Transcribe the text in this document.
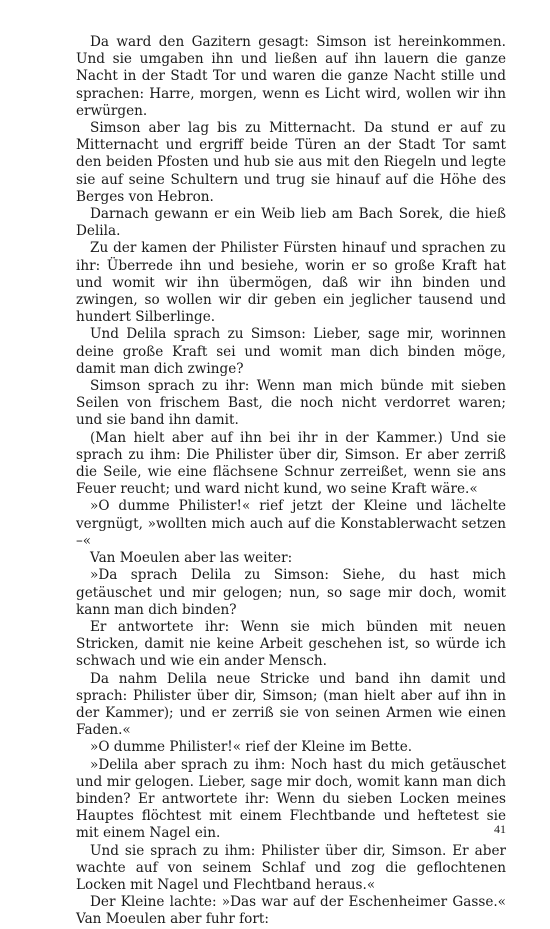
Da ward den Gazitern gesagt: Simson ist hereinkommen. Und sie umgaben ihn und ließen auf ihn lauern die ganze Nacht in der Stadt Tor und waren die ganze Nacht stille und sprachen: Harre, morgen, wenn es Licht wird, wollen wir ihn erwürgen.

Simson aber lag bis zu Mitternacht. Da stund er auf zu Mitternacht und ergriff beide Türen an der Stadt Tor samt den beiden Pfosten und hub sie aus mit den Riegeln und legte sie auf seine Schultern und trug sie hinauf auf die Höhe des Berges von Hebron.

Darnach gewann er ein Weib lieb am Bach Sorek, die hieß Delila.

Zu der kamen der Philister Fürsten hinauf und sprachen zu ihr: Überrede ihn und besiehe, worin er so große Kraft hat und womit wir ihn übermögen, daß wir ihn binden und zwingen, so wollen wir dir geben ein jeglicher tausend und hundert Silberlinge.

Und Delila sprach zu Simson: Lieber, sage mir, worinnen deine große Kraft sei und womit man dich binden möge, damit man dich zwinge?

Simson sprach zu ihr: Wenn man mich bünde mit sieben Seilen von frischem Bast, die noch nicht verdorret waren; und sie band ihn damit.

(Man hielt aber auf ihn bei ihr in der Kammer.) Und sie sprach zu ihm: Die Philister über dir, Simson. Er aber zerriß die Seile, wie eine flächsene Schnur zerreißet, wenn sie ans Feuer reucht; und ward nicht kund, wo seine Kraft wäre.«

»O dumme Philister!« rief jetzt der Kleine und lächelte vergnügt, »wollten mich auch auf die Konstablerwacht setzen –«

Van Moeulen aber las weiter:

»Da sprach Delila zu Simson: Siehe, du hast mich getäuschet und mir gelogen; nun, so sage mir doch, womit kann man dich binden?

Er antwortete ihr: Wenn sie mich bünden mit neuen Stricken, damit nie keine Arbeit geschehen ist, so würde ich schwach und wie ein ander Mensch.

Da nahm Delila neue Stricke und band ihn damit und sprach: Philister über dir, Simson; (man hielt aber auf ihn in der Kammer); und er zerriß sie von seinen Armen wie einen Faden.«

»O dumme Philister!« rief der Kleine im Bette.

»Delila aber sprach zu ihm: Noch hast du mich getäuschet und mir gelogen. Lieber, sage mir doch, womit kann man dich binden? Er antwortete ihr: Wenn du sieben Locken meines Hauptes flöchtest mit einem Flechtbande und heftetest sie mit einem Nagel ein.

Und sie sprach zu ihm: Philister über dir, Simson. Er aber wachte auf von seinem Schlaf und zog die geflochtenen Locken mit Nagel und Flechtband heraus.«

Der Kleine lachte: »Das war auf der Eschenheimer Gasse.« Van Moeulen aber fuhr fort:

41
